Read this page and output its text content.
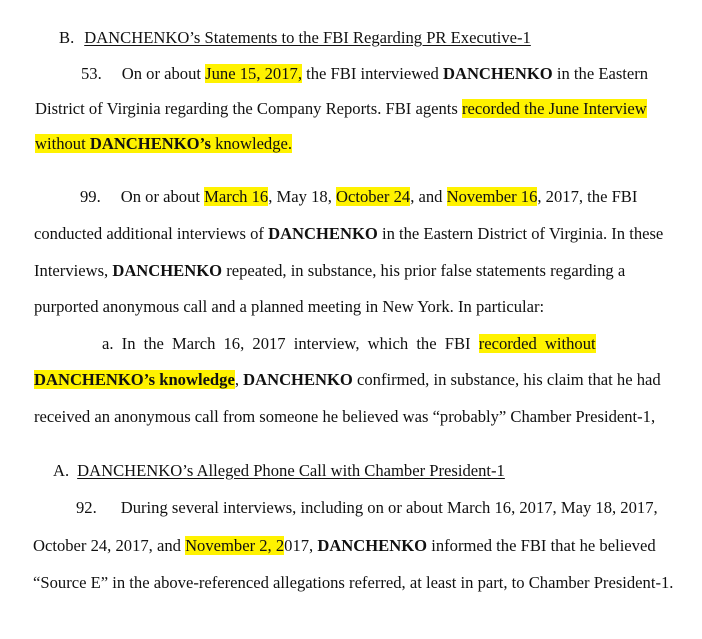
B. DANCHENKO’s Statements to the FBI Regarding PR Executive-1
53. On or about June 15, 2017, the FBI interviewed DANCHENKO in the Eastern
District of Virginia regarding the Company Reports. FBI agents recorded the June Interview
without DANCHENKO’s knowledge.
99. On or about March 16, May 18, October 24, and November 16, 2017, the FBI
conducted additional interviews of DANCHENKO in the Eastern District of Virginia. In these
Interviews, DANCHENKO repeated, in substance, his prior false statements regarding a
purported anonymous call and a planned meeting in New York. In particular:
a. In the March 16, 2017 interview, which the FBI recorded without
DANCHENKO’s knowledge, DANCHENKO confirmed, in substance, his claim that he had
received an anonymous call from someone he believed was “probably” Chamber President-1,
A. DANCHENKO’s Alleged Phone Call with Chamber President-1
92. During several interviews, including on or about March 16, 2017, May 18, 2017,
October 24, 2017, and November 2, 2017, DANCHENKO informed the FBI that he believed
“Source E” in the above-referenced allegations referred, at least in part, to Chamber President-1.
